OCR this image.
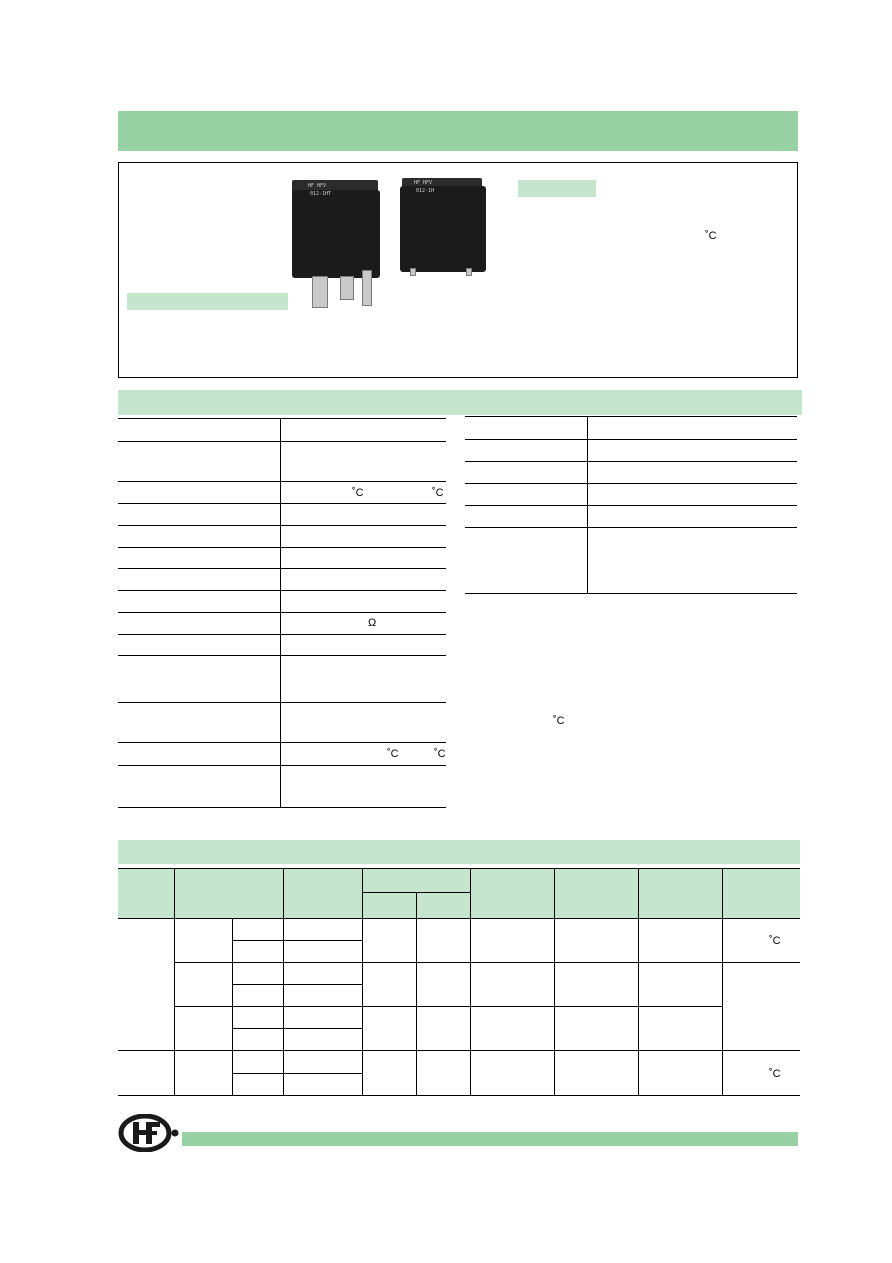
˚C
HF HFV
012-1HT
HF HFV
012-1H
˚C	˚C
Ω
˚C	˚C
˚C
˚C
˚C
